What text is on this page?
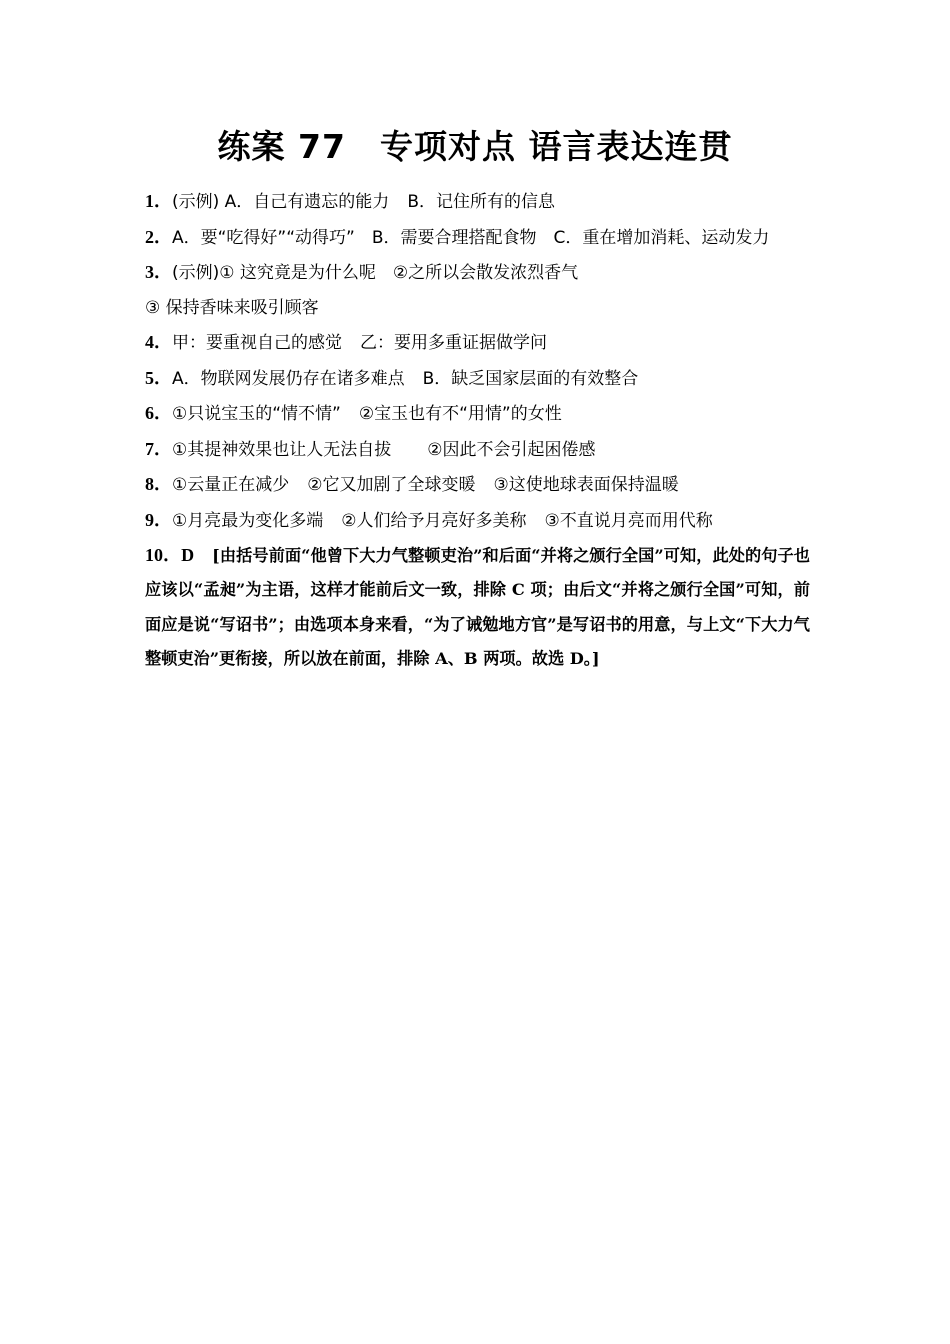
练案 77　专项对点 语言表达连贯

1．(示例) A．自己有遗忘的能力 B．记住所有的信息

2．A．要“吃得好”“动得巧”　B．需要合理搭配食物　C．重在增加消耗、运动发力

3．(示例)① 这究竟是为什么呢　②之所以会散发浓烈香气
③ 保持香味来吸引顾客

4．甲：要重视自己的感觉 乙：要用多重证据做学问

5．A．物联网发展仍存在诸多难点 B．缺乏国家层面的有效整合

6．①只说宝玉的“情不情” ②宝玉也有不“用情”的女性

7．①其提神效果也让人无法自拔 ②因此不会引起困倦感

8．①云量正在减少 ②它又加剧了全球变暖 ③这使地球表面保持温暖

9．①月亮最为变化多端 ②人们给予月亮好多美称 ③不直说月亮而用代称

10．D [由括号前面“他曾下大力气整顿吏治”和后面“并将之颁行全国”可知，此处的句子也应该以“孟昶”为主语，这样才能前后文一致，排除 C 项；由后文“并将之颁行全国”可知，前面应是说“写诏书”；由选项本身来看，“为了诫勉地方官”是写诏书的用意，与上文“下大力气整顿吏治”更衔接，所以放在前面，排除 A、B 两项。故选 D。]
